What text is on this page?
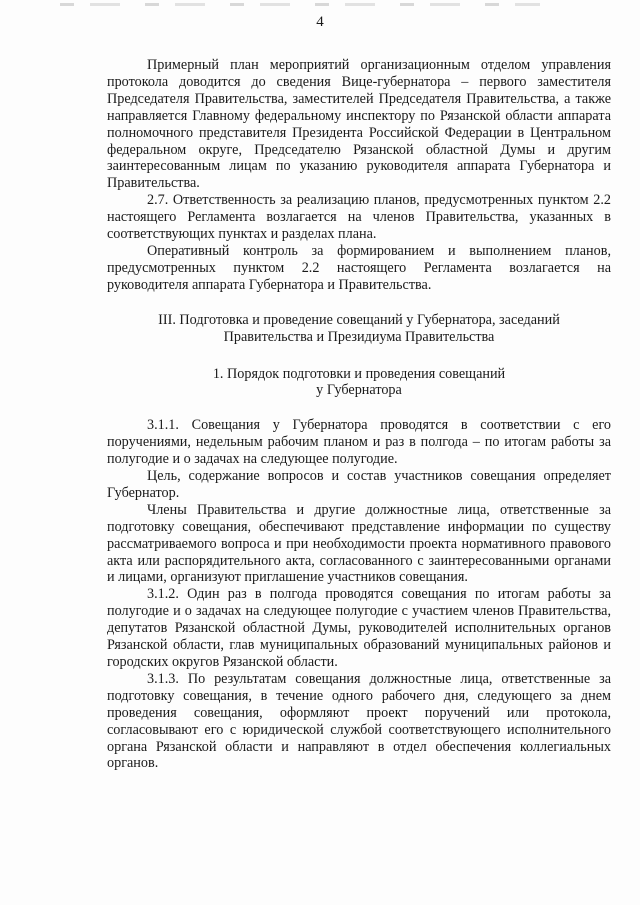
4

Примерный план мероприятий организационным отделом управления протокола доводится до сведения Вице-губернатора – первого заместителя Председателя Правительства, заместителей Председателя Правительства, а также направляется Главному федеральному инспектору по Рязанской области аппарата полномочного представителя Президента Российской Федерации в Центральном федеральном округе, Председателю Рязанской областной Думы и другим заинтересованным лицам по указанию руководителя аппарата Губернатора и Правительства.

2.7. Ответственность за реализацию планов, предусмотренных пунктом 2.2 настоящего Регламента возлагается на членов Правительства, указанных в соответствующих пунктах и разделах плана.

Оперативный контроль за формированием и выполнением планов, предусмотренных пунктом 2.2 настоящего Регламента возлагается на руководителя аппарата Губернатора и Правительства.

III. Подготовка и проведение совещаний у Губернатора, заседаний
Правительства и Президиума Правительства
1. Порядок подготовки и проведения совещаний
у Губернатора

3.1.1. Совещания у Губернатора проводятся в соответствии с его поручениями, недельным рабочим планом и раз в полгода – по итогам работы за полугодие и о задачах на следующее полугодие.

Цель, содержание вопросов и состав участников совещания определяет Губернатор.

Члены Правительства и другие должностные лица, ответственные за подготовку совещания, обеспечивают представление информации по существу рассматриваемого вопроса и при необходимости проекта нормативного правового акта или распорядительного акта, согласованного с заинтересованными органами и лицами, организуют приглашение участников совещания.

3.1.2. Один раз в полгода проводятся совещания по итогам работы за полугодие и о задачах на следующее полугодие с участием членов Правительства, депутатов Рязанской областной Думы, руководителей исполнительных органов Рязанской области, глав муниципальных образований муниципальных районов и городских округов Рязанской области.

3.1.3. По результатам совещания должностные лица, ответственные за подготовку совещания, в течение одного рабочего дня, следующего за днем проведения совещания, оформляют проект поручений или протокола, согласовывают его с юридической службой соответствующего исполнительного органа Рязанской области и направляют в отдел обеспечения коллегиальных органов.
